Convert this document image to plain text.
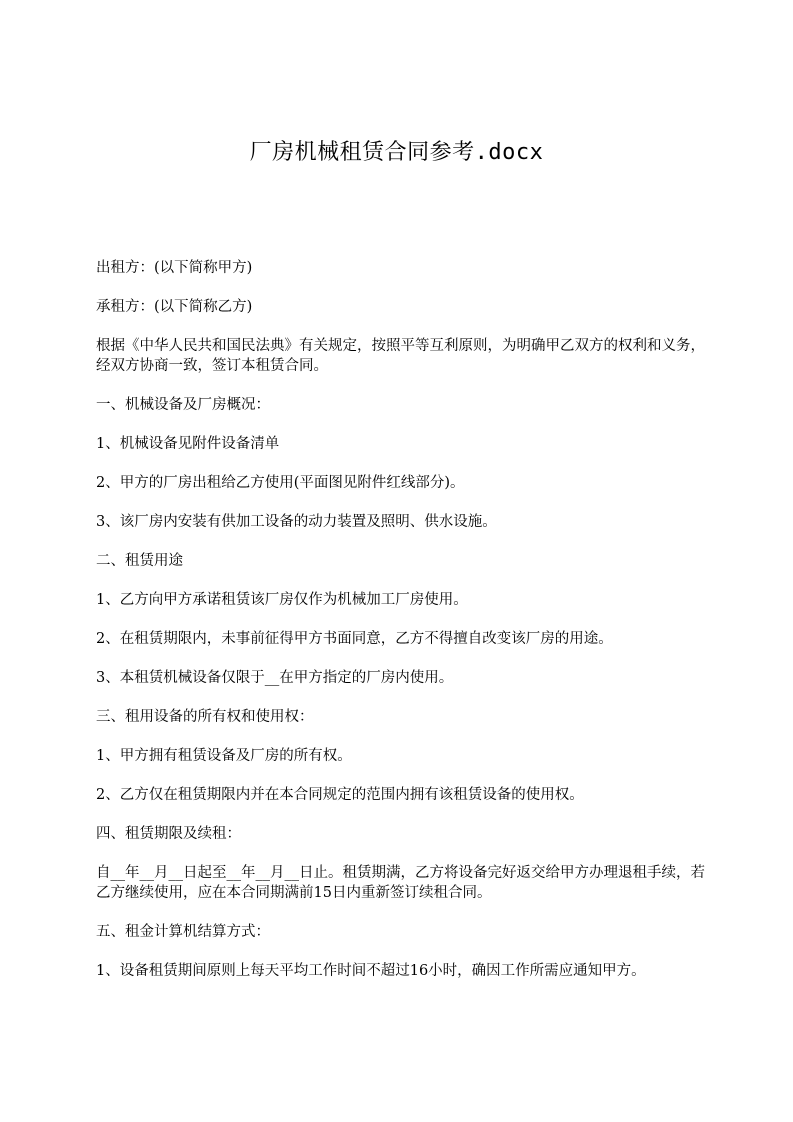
厂房机械租赁合同参考.docx

出租方：(以下简称甲方)

承租方：(以下简称乙方)

根据《中华人民共和国民法典》有关规定，按照平等互利原则，为明确甲乙双方的权利和义务，经双方协商一致，签订本租赁合同。

一、机械设备及厂房概况：

1、机械设备见附件设备清单

2、甲方的厂房出租给乙方使用(平面图见附件红线部分)。

3、该厂房内安装有供加工设备的动力装置及照明、供水设施。

二、租赁用途

1、乙方向甲方承诺租赁该厂房仅作为机械加工厂房使用。

2、在租赁期限内，未事前征得甲方书面同意，乙方不得擅自改变该厂房的用途。

3、本租赁机械设备仅限于__在甲方指定的厂房内使用。

三、租用设备的所有权和使用权：

1、甲方拥有租赁设备及厂房的所有权。

2、乙方仅在租赁期限内并在本合同规定的范围内拥有该租赁设备的使用权。

四、租赁期限及续租：

自__年__月__日起至__年__月__日止。租赁期满，乙方将设备完好返交给甲方办理退租手续，若乙方继续使用，应在本合同期满前15日内重新签订续租合同。

五、租金计算机结算方式：

1、设备租赁期间原则上每天平均工作时间不超过16小时，确因工作所需应通知甲方。
